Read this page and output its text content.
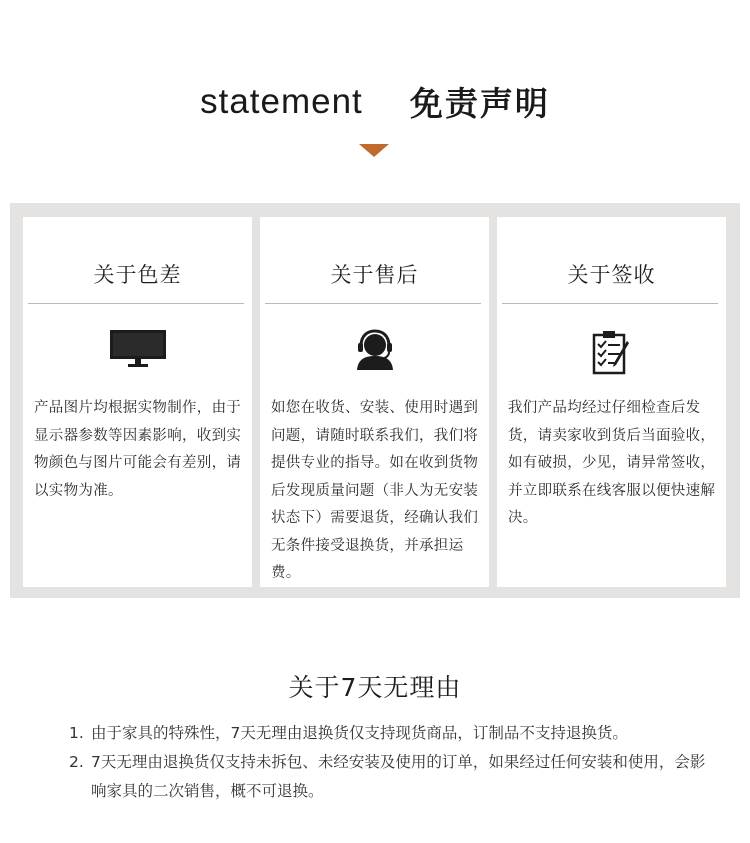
statement 免责声明
关于色差
产品图片均根据实物制作，由于显示器参数等因素影响，收到实物颜色与图片可能会有差别，请以实物为准。
关于售后
如您在收货、安装、使用时遇到问题，请随时联系我们，我们将提供专业的指导。如在收到货物后发现质量问题（非人为无安装状态下）需要退货，经确认我们无条件接受退换货，并承担运费。
关于签收
我们产品均经过仔细检查后发货，请卖家收到货后当面验收，如有破损，少见，请异常签收，并立即联系在线客服以便快速解决。
关于7天无理由
1. 由于家具的特殊性，7天无理由退换货仅支持现货商品，订制品不支持退换货。
2. 7天无理由退换货仅支持未拆包、未经安装及使用的订单，如果经过任何安装和使用，会影响家具的二次销售，概不可退换。
